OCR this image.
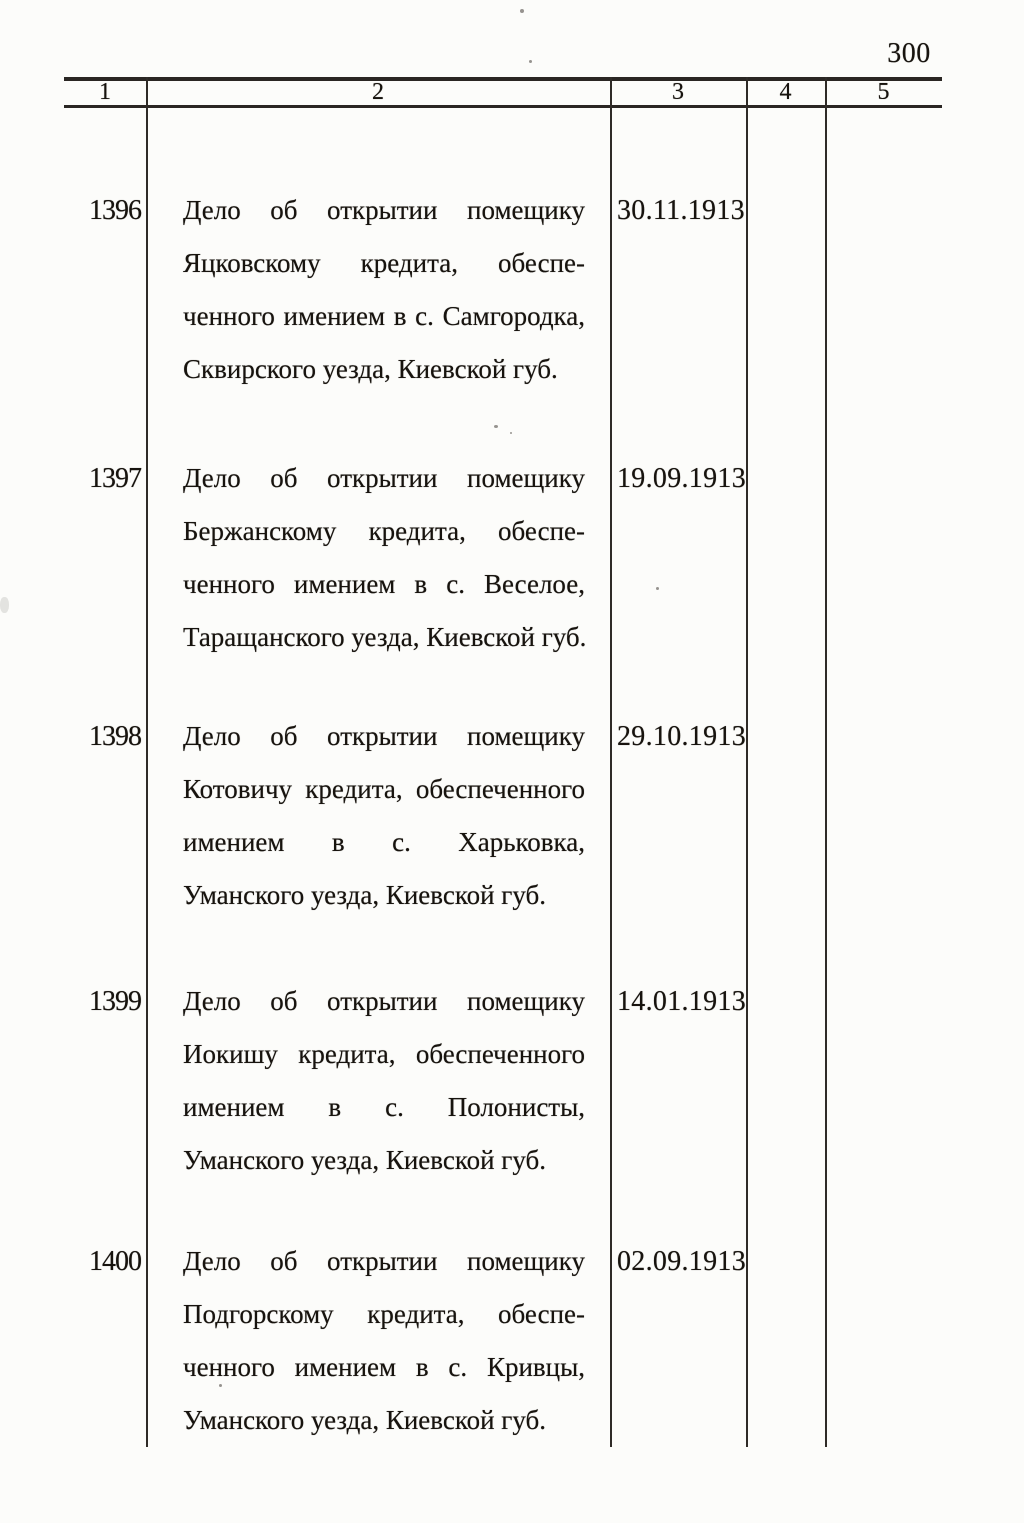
300
1	2	3	4	5
1396	Дело об открытии помещику
Яцковскому кредита, обеспе-
ченного имением в с. Самгородка,
Сквирского уезда, Киевской губ.
30.11.1913
1397	Дело об открытии помещику
Бержанскому кредита, обеспе-
ченного имением в с. Веселое,
Таращанского уезда, Киевской губ.
19.09.1913
1398	Дело об открытии помещику
Котовичу кредита, обеспеченного
имением в с. Харьковка,
Уманского уезда, Киевской губ.
29.10.1913
1399	Дело об открытии помещику
Иокишу кредита, обеспеченного
имением в с. Полонисты,
Уманского уезда, Киевской губ.
14.01.1913
1400	Дело об открытии помещику
Подгорскому кредита, обеспе-
ченного имением в с. Кривцы,
Уманского уезда, Киевской губ.
02.09.1913
